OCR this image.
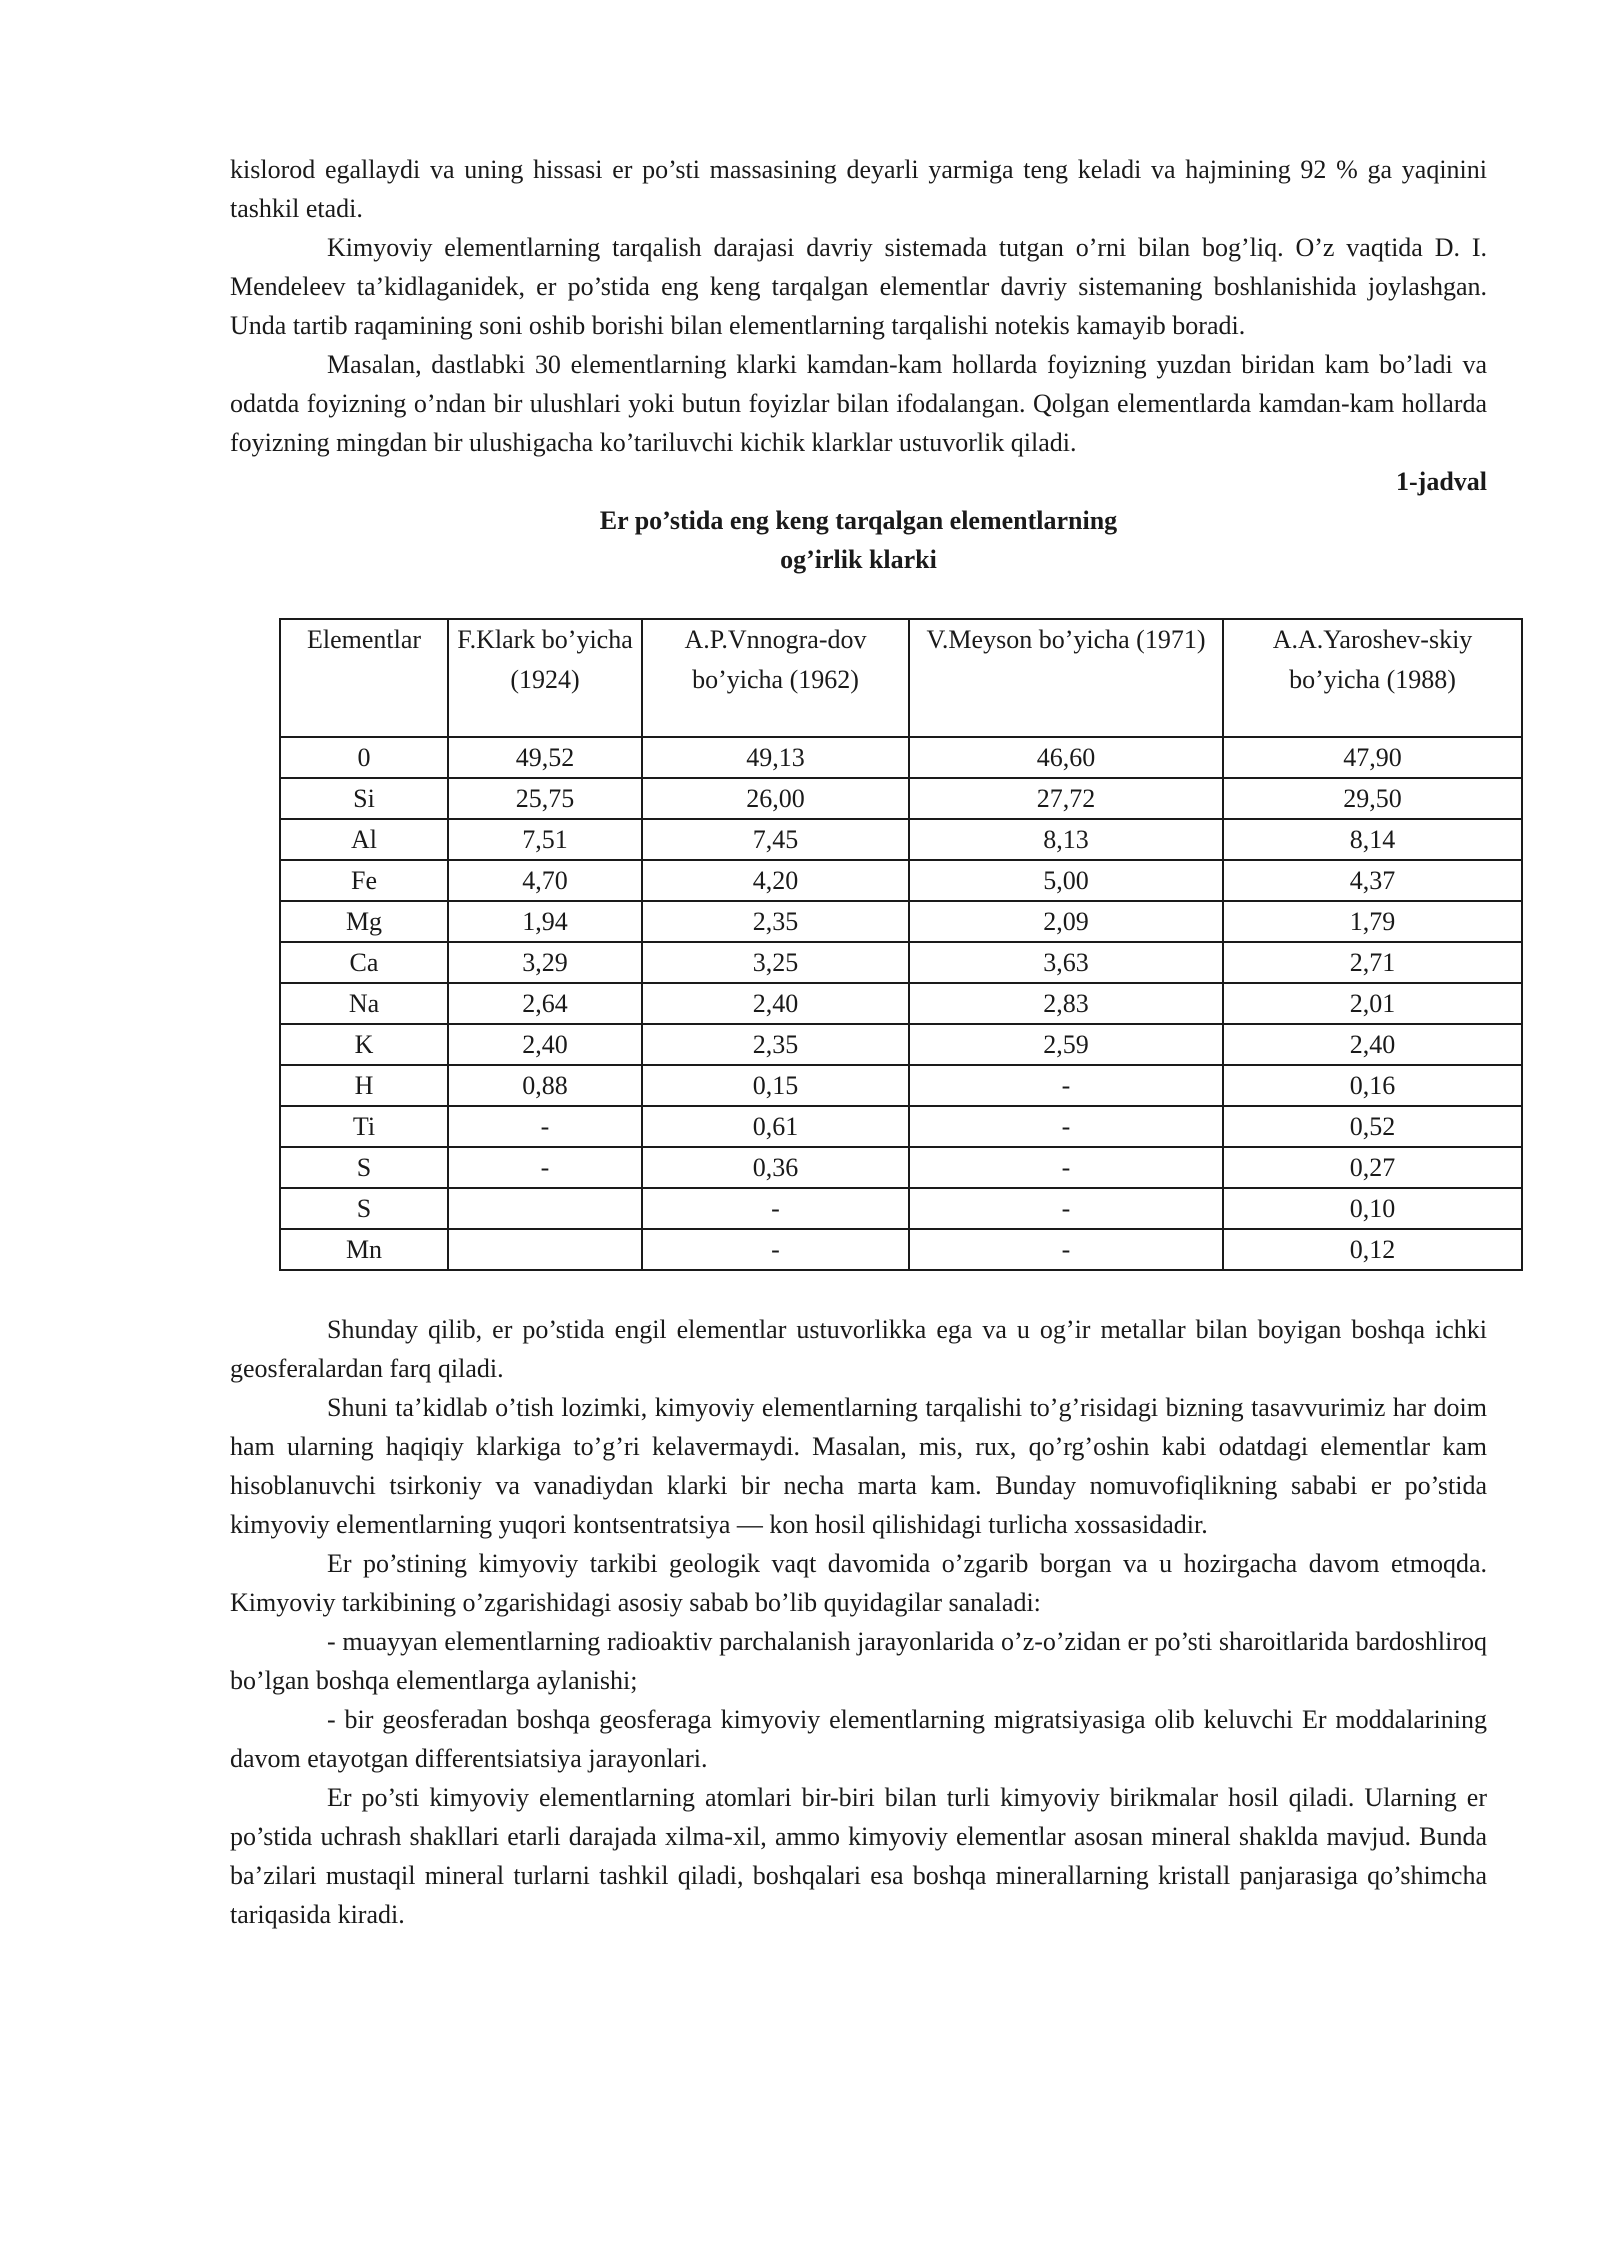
kislorod egallaydi va uning hissasi er po’sti massasining deyarli yarmiga teng keladi va hajmining 92 % ga yaqinini tashkil etadi.

Kimyoviy elementlarning tarqalish darajasi davriy sistemada tutgan o’rni bilan bog’liq. O’z vaqtida D. I. Mendeleev ta’kidlaganidek, er po’stida eng keng tarqalgan elementlar davriy sistemaning boshlanishida joylashgan. Unda tartib raqamining soni oshib borishi bilan elementlarning tarqalishi notekis kamayib boradi.

Masalan, dastlabki 30 elementlarning klarki kamdan-kam hollarda foyizning yuzdan biridan kam bo’ladi va odatda foyizning o’ndan bir ulushlari yoki butun foyizlar bilan ifodalangan. Qolgan elementlarda kamdan-kam hollarda foyizning mingdan bir ulushigacha ko’tariluvchi kichik klarklar ustuvorlik qiladi.

1-jadval

Er po’stida eng keng tarqalgan elementlarning

og’irlik klarki

Elementlar	F.Klark bo’yicha (1924)	A.P.Vnnogra-dov bo’yicha (1962)	V.Meyson bo’yicha (1971)	A.A.Yaroshev-skiy bo’yicha (1988)
0	49,52	49,13	46,60	47,90
Si	25,75	26,00	27,72	29,50
Al	7,51	7,45	8,13	8,14
Fe	4,70	4,20	5,00	4,37
Mg	1,94	2,35	2,09	1,79
Ca	3,29	3,25	3,63	2,71
Na	2,64	2,40	2,83	2,01
K	2,40	2,35	2,59	2,40
H	0,88	0,15	-	0,16
Ti	-	0,61	-	0,52
S	-	0,36	-	0,27
S		-	-	0,10
Mn		-	-	0,12

Shunday qilib, er po’stida engil elementlar ustuvorlikka ega va u og’ir metallar bilan boyigan boshqa ichki geosferalardan farq qiladi.

Shuni ta’kidlab o’tish lozimki, kimyoviy elementlarning tarqalishi to’g’risidagi bizning tasavvurimiz har doim ham ularning haqiqiy klarkiga to’g’ri kelavermaydi. Masalan, mis, rux, qo’rg’oshin kabi odatdagi elementlar kam hisoblanuvchi tsirkoniy va vanadiydan klarki bir necha marta kam. Bunday nomuvofiqlikning sababi er po’stida kimyoviy elementlarning yuqori kontsentratsiya — kon hosil qilishidagi turlicha xossasidadir.

Er po’stining kimyoviy tarkibi geologik vaqt davomida o’zgarib borgan va u hozirgacha davom etmoqda. Kimyoviy tarkibining o’zgarishidagi asosiy sabab bo’lib quyidagilar sanaladi:

- muayyan elementlarning radioaktiv parchalanish jarayonlarida o’z-o’zidan er po’sti sharoitlarida bardoshliroq bo’lgan boshqa elementlarga aylanishi;

- bir geosferadan boshqa geosferaga kimyoviy elementlarning migratsiyasiga olib keluvchi Er moddalarining davom etayotgan differentsiatsiya jarayonlari.

Er po’sti kimyoviy elementlarning atomlari bir-biri bilan turli kimyoviy birikmalar hosil qiladi. Ularning er po’stida uchrash shakllari etarli darajada xilma-xil, ammo kimyoviy elementlar asosan mineral shaklda mavjud. Bunda ba’zilari mustaqil mineral turlarni tashkil qiladi, boshqalari esa boshqa minerallarning kristall panjarasiga qo’shimcha tariqasida kiradi.
